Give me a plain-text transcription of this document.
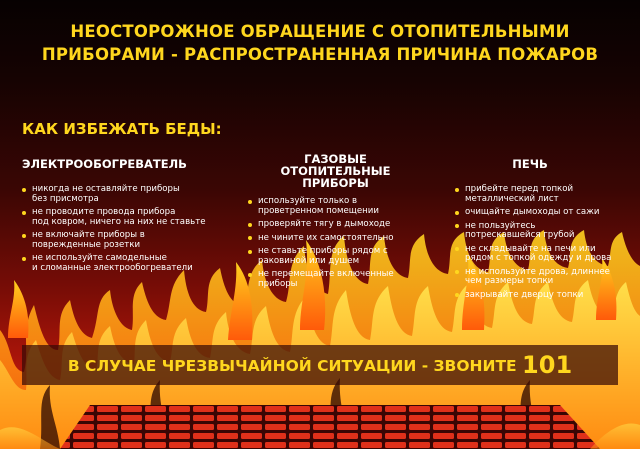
НЕОСТОРОЖНОЕ ОБРАЩЕНИЕ С ОТОПИТЕЛЬНЫМИ
ПРИБОРАМИ - РАСПРОСТРАНЕННАЯ ПРИЧИНА ПОЖАРОВ
КАК ИЗБЕЖАТЬ БЕДЫ:
ЭЛЕКТРООБОГРЕВАТЕЛЬ
никогда не оставляйте приборы
без присмотра
не проводите провода прибора
под ковром, ничего на них не ставьте
не включайте приборы в
поврежденные розетки
не используйте самодельные
и сломанные электрообогреватели
ГАЗОВЫЕ ОТОПИТЕЛЬНЫЕ
ПРИБОРЫ
используйте только в
проветренном помещении
проверяйте тягу в дымоходе
не чините их самостоятельно
не ставьте приборы рядом с
раковиной или душем
не перемещайте включенные
приборы
ПЕЧЬ
прибейте перед топкой
металлический лист
очищайте дымоходы от сажи
не пользуйтесь
потрескавшейся грубой
не складывайте на печи или
рядом с топкой одежду и дрова
не используйте дрова, длиннее
чем размеры топки
закрывайте дверцу топки
В СЛУЧАЕ ЧРЕЗВЫЧАЙНОЙ СИТУАЦИИ - ЗВОНИТЕ 101
